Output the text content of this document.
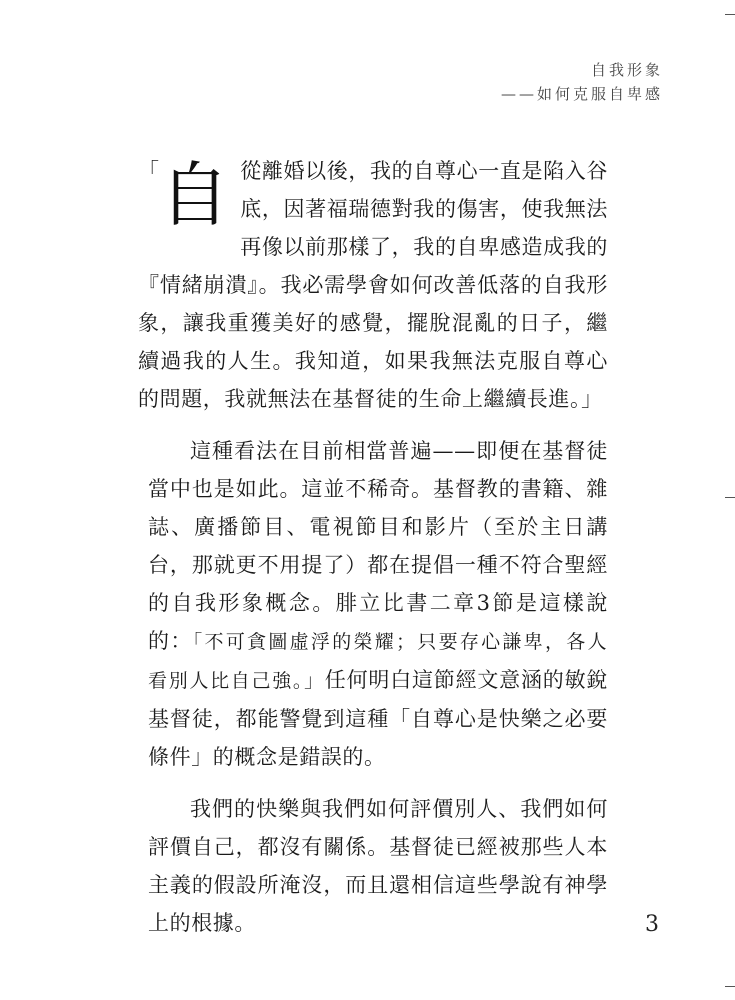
自我形象
——如何克服自卑感

「 自 從離婚以後，我的自尊心一直是陷入谷底，因著福瑞德對我的傷害，使我無法再像以前那樣了，我的自卑感造成我的『情緒崩潰』。我必需學會如何改善低落的自我形象，讓我重獲美好的感覺，擺脫混亂的日子，繼續過我的人生。我知道，如果我無法克服自尊心的問題，我就無法在基督徒的生命上繼續長進。」

這種看法在目前相當普遍——即便在基督徒當中也是如此。這並不稀奇。基督教的書籍、雜誌、廣播節目、電視節目和影片（至於主日講台，那就更不用提了）都在提倡一種不符合聖經的自我形象概念。腓立比書二章3節是這樣說的：「不可貪圖虛浮的榮耀；只要存心謙卑，各人看別人比自己強。」任何明白這節經文意涵的敏銳基督徒，都能警覺到這種「自尊心是快樂之必要條件」的概念是錯誤的。

我們的快樂與我們如何評價別人、我們如何評價自己，都沒有關係。基督徒已經被那些人本主義的假設所淹沒，而且還相信這些學說有神學上的根據。	3
